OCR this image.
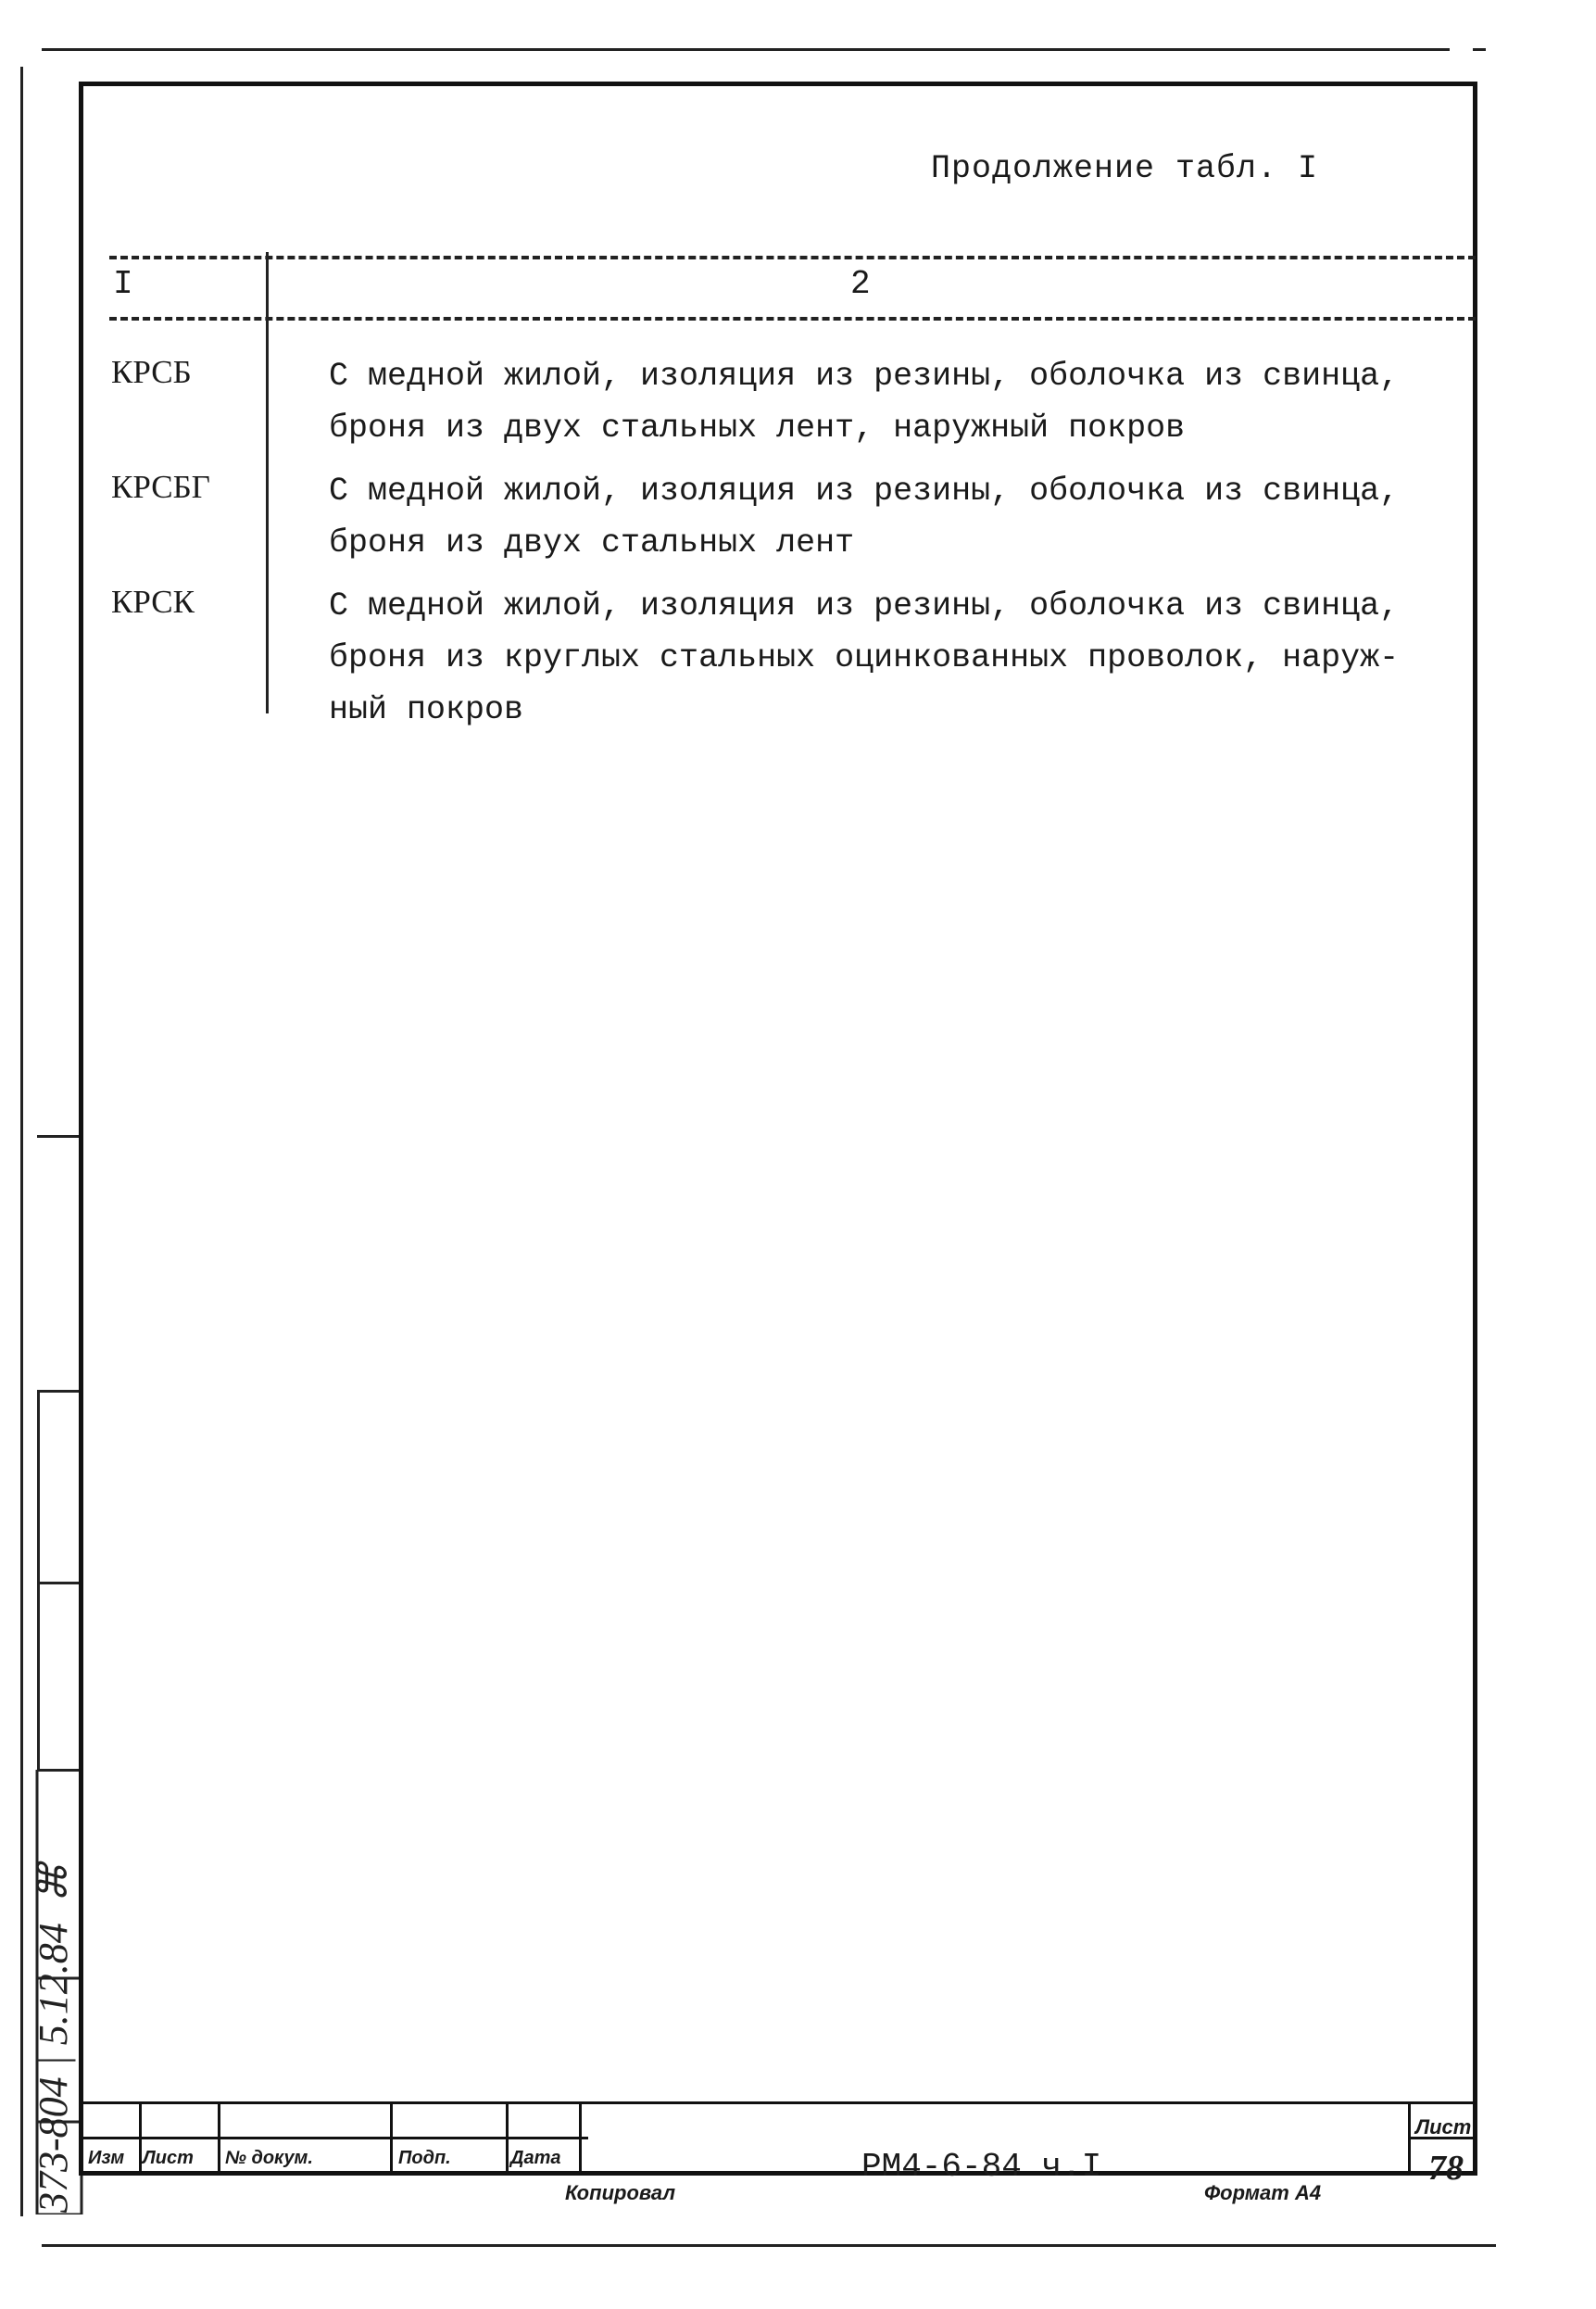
373-804 | 5.12.84 ⌘
Продолжение табл. I
I	2
КРСБ	С медной жилой, изоляция из резины, оболочка из свинца,
броня из двух стальных лент, наружный покров
КРСБГ	С медной жилой, изоляция из резины, оболочка из свинца,
броня из двух стальных лент
КРСК	С медной жилой, изоляция из резины, оболочка из свинца,
броня из круглых стальных оцинкованных проволок, наруж-
ный покров
Изм Лист № докум.	Подп.	Дата	РМ4-6-84 ч.I
Лист
78
Копировал	Формат А4
